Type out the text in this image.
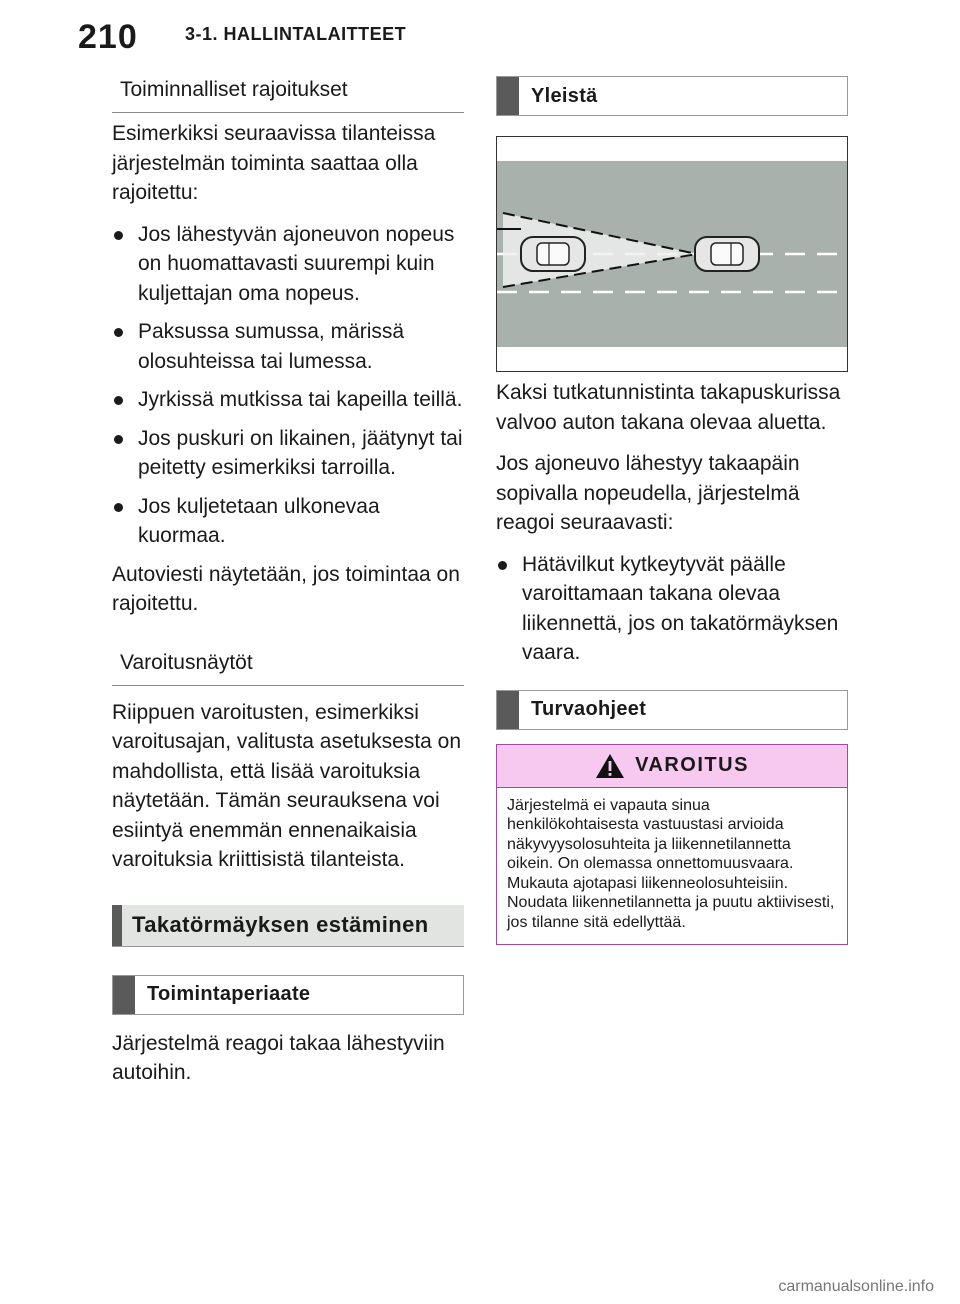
210	3-1. HALLINTALAITTEET
Toiminnalliset rajoitukset

Esimerkiksi seuraavissa tilanteissa järjestelmän toiminta saattaa olla rajoitettu:

Jos lähestyvän ajoneuvon nopeus on huomattavasti suurempi kuin kuljettajan oma nopeus.
Paksussa sumussa, märissä olosuhteissa tai lumessa.
Jyrkissä mutkissa tai kapeilla teillä.
Jos puskuri on likainen, jäätynyt tai peitetty esimerkiksi tarroilla.
Jos kuljetetaan ulkonevaa kuormaa.

Autoviesti näytetään, jos toimintaa on rajoitettu.

Varoitusnäytöt

Riippuen varoitusten, esimerkiksi varoitusajan, valitusta asetuksesta on mahdollista, että lisää varoituksia näytetään. Tämän seurauksena voi esiintyä enemmän ennenaikaisia varoituksia kriittisistä tilanteista.

Takatörmäyksen estäminen
Toimintaperiaate

Järjestelmä reagoi takaa lähestyviin autoihin.

Yleistä

Kaksi tutkatunnistinta takapuskurissa valvoo auton takana olevaa aluetta.

Jos ajoneuvo lähestyy takaapäin sopivalla nopeudella, järjestelmä reagoi seuraavasti:

Hätävilkut kytkeytyvät päälle varoittamaan takana olevaa liikennettä, jos on takatörmäyksen vaara.
Turvaohjeet
VAROITUS
Järjestelmä ei vapauta sinua henkilökohtaisesta vastuustasi arvioida näkyvyysolosuhteita ja liikennetilannetta oikein. On olemassa onnettomuusvaara. Mukauta ajotapasi liikenneolosuhteisiin. Noudata liikennetilannetta ja puutu aktiivisesti, jos tilanne sitä edellyttää.
carmanualsonline.info
